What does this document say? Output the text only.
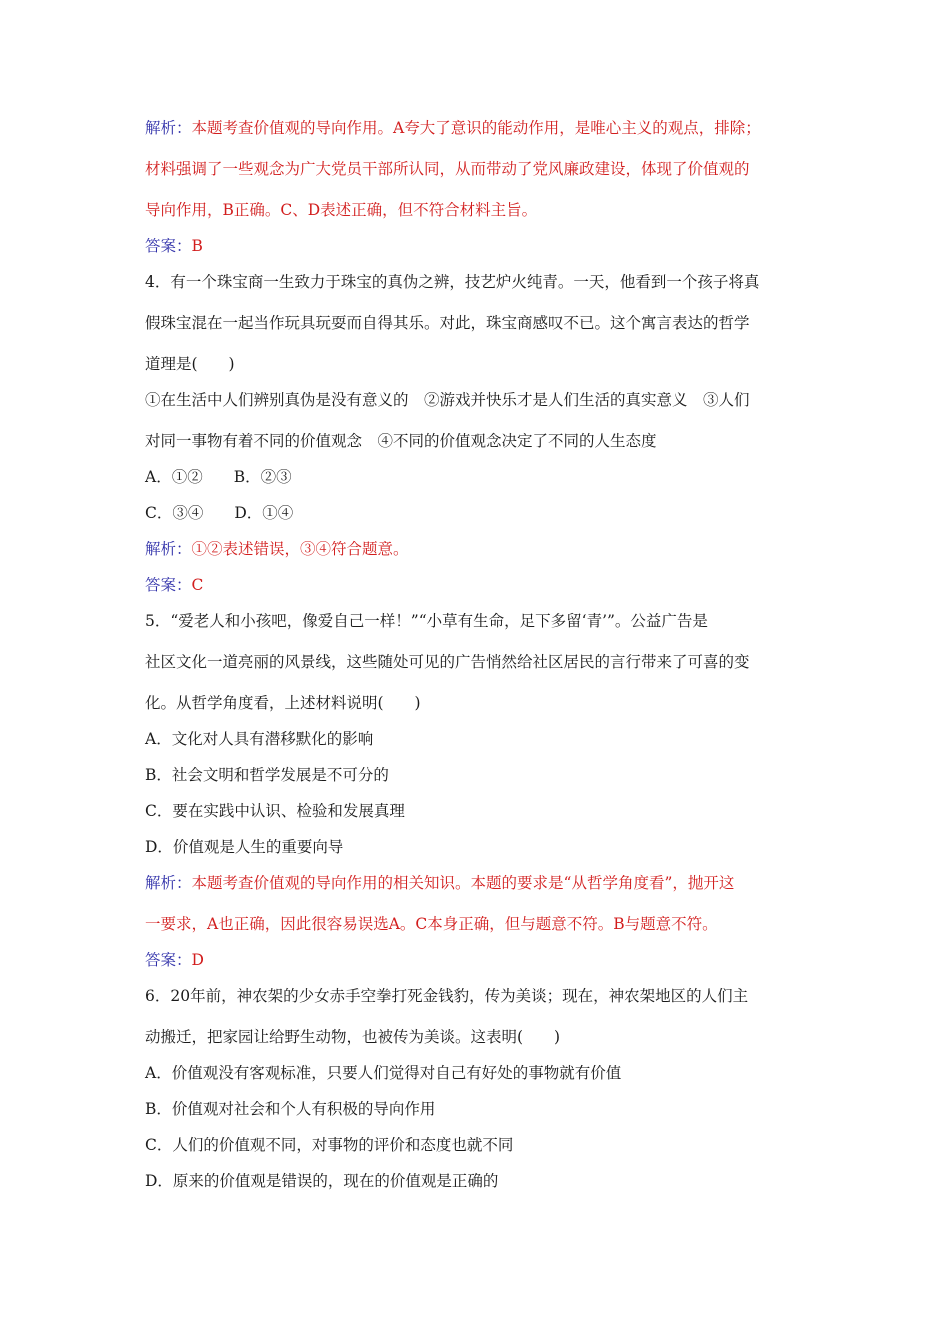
解析：本题考查价值观的导向作用。A夸大了意识的能动作用，是唯心主义的观点，排除；
材料强调了一些观念为广大党员干部所认同，从而带动了党风廉政建设，体现了价值观的
导向作用，B正确。C、D表述正确，但不符合材料主旨。
答案：B
4．有一个珠宝商一生致力于珠宝的真伪之辨，技艺炉火纯青。一天，他看到一个孩子将真
假珠宝混在一起当作玩具玩耍而自得其乐。对此，珠宝商感叹不已。这个寓言表达的哲学
道理是(　　)
①在生活中人们辨别真伪是没有意义的　②游戏并快乐才是人们生活的真实意义　③人们
对同一事物有着不同的价值观念　④不同的价值观念决定了不同的人生态度
A．①②　　B．②③
C．③④　　D．①④
解析：①②表述错误，③④符合题意。
答案：C
5．“爱老人和小孩吧，像爱自己一样！”“小草有生命，足下多留‘青’”。公益广告是
社区文化一道亮丽的风景线，这些随处可见的广告悄然给社区居民的言行带来了可喜的变
化。从哲学角度看，上述材料说明(　　)
A．文化对人具有潜移默化的影响
B．社会文明和哲学发展是不可分的
C．要在实践中认识、检验和发展真理
D．价值观是人生的重要向导
解析：本题考查价值观的导向作用的相关知识。本题的要求是“从哲学角度看”，抛开这
一要求，A也正确，因此很容易误选A。C本身正确，但与题意不符。B与题意不符。
答案：D
6．20年前，神农架的少女赤手空拳打死金钱豹，传为美谈；现在，神农架地区的人们主
动搬迁，把家园让给野生动物，也被传为美谈。这表明(　　)
A．价值观没有客观标准，只要人们觉得对自己有好处的事物就有价值
B．价值观对社会和个人有积极的导向作用
C．人们的价值观不同，对事物的评价和态度也就不同
D．原来的价值观是错误的，现在的价值观是正确的
